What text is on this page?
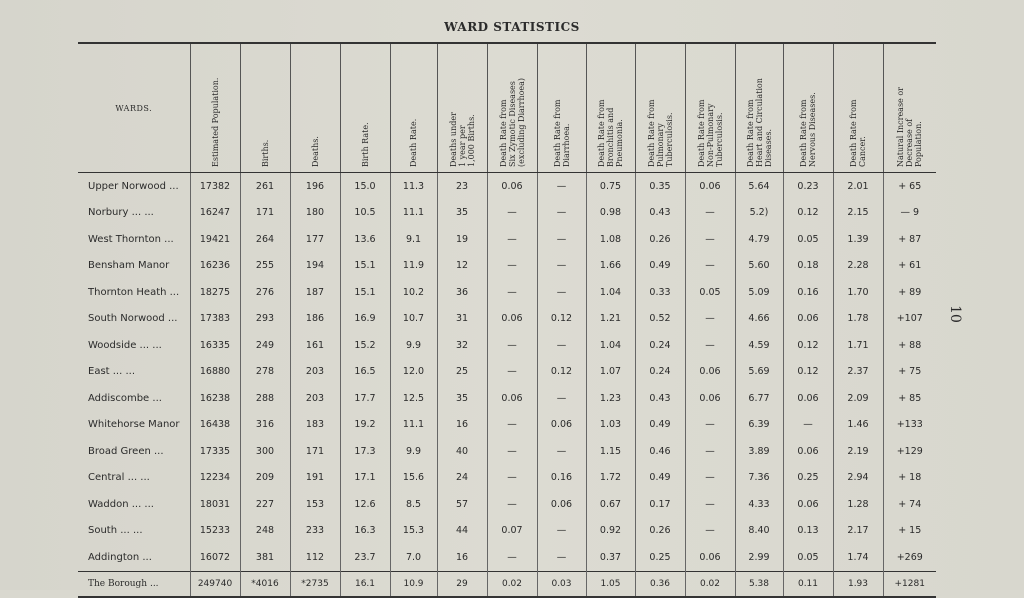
WARD STATISTICS
WARDS.	Estimated Population.	Births.	Deaths.	Birth Rate.	Death Rate.	Deaths under
1 year per
1,000 Births.	Death Rate from
Six Zymotic Diseases
(excluding Diarrhoea)	Death Rate from
Diarrhoea.	Death Rate from
Bronchitis and
Pneumonia.	Death Rate from
Pulmonary
Tuberculosis.	Death Rate from
Non-Pulmonary
Tuberculosis.	Death Rate from
Heart and Circulation
Diseases.	Death Rate from
Nervous Diseases.	Death Rate from
Cancer.	Natural Increase or
Decrease of
Population.

Upper Norwood ...	17382	261	196	15.0	11.3	23	0.06	—	0.75	0.35	0.06	5.64	0.23	2.01	+ 65
Norbury ... ...	16247	171	180	10.5	11.1	35	—	—	0.98	0.43	—	5.2)	0.12	2.15	— 9
West Thornton ...	19421	264	177	13.6	9.1	19	—	—	1.08	0.26	—	4.79	0.05	1.39	+ 87
Bensham Manor	16236	255	194	15.1	11.9	12	—	—	1.66	0.49	—	5.60	0.18	2.28	+ 61
Thornton Heath ...	18275	276	187	15.1	10.2	36	—	—	1.04	0.33	0.05	5.09	0.16	1.70	+ 89
South Norwood ...	17383	293	186	16.9	10.7	31	0.06	0.12	1.21	0.52	—	4.66	0.06	1.78	+107
Woodside ... ...	16335	249	161	15.2	9.9	32	—	—	1.04	0.24	—	4.59	0.12	1.71	+ 88
East ... ...	16880	278	203	16.5	12.0	25	—	0.12	1.07	0.24	0.06	5.69	0.12	2.37	+ 75
Addiscombe ...	16238	288	203	17.7	12.5	35	0.06	—	1.23	0.43	0.06	6.77	0.06	2.09	+ 85
Whitehorse Manor	16438	316	183	19.2	11.1	16	—	0.06	1.03	0.49	—	6.39	—	1.46	+133
Broad Green ...	17335	300	171	17.3	9.9	40	—	—	1.15	0.46	—	3.89	0.06	2.19	+129
Central ... ...	12234	209	191	17.1	15.6	24	—	0.16	1.72	0.49	—	7.36	0.25	2.94	+ 18
Waddon ... ...	18031	227	153	12.6	8.5	57	—	0.06	0.67	0.17	—	4.33	0.06	1.28	+ 74
South ... ...	15233	248	233	16.3	15.3	44	0.07	—	0.92	0.26	—	8.40	0.13	2.17	+ 15
Addington ...	16072	381	112	23.7	7.0	16	—	—	0.37	0.25	0.06	2.99	0.05	1.74	+269
The Borough ...	249740	*4016	*2735	16.1	10.9	29	0.02	0.03	1.05	0.36	0.02	5.38	0.11	1.93	+1281
10
